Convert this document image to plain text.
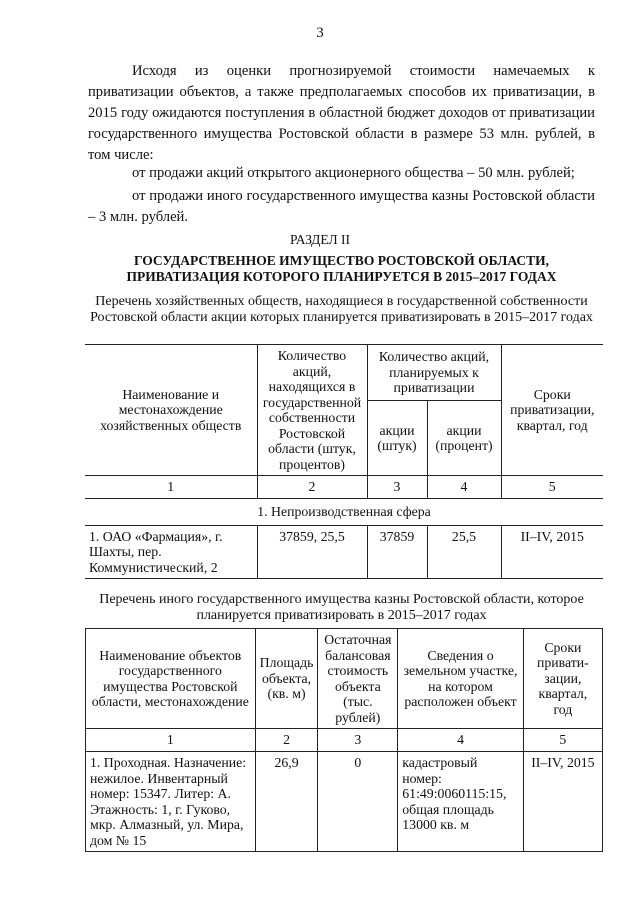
3

Исходя из оценки прогнозируемой стоимости намечаемых к приватизации объектов, а также предполагаемых способов их приватизации, в 2015 году ожидаются поступления в областной бюджет доходов от приватизации государственного имущества Ростовской области в размере 53 млн. рублей, в том числе:

от продажи акций открытого акционерного общества – 50 млн. рублей;

от продажи иного государственного имущества казны Ростовской области – 3 млн. рублей.

РАЗДЕЛ II

ГОСУДАРСТВЕННОЕ ИМУЩЕСТВО РОСТОВСКОЙ ОБЛАСТИ, ПРИВАТИЗАЦИЯ КОТОРОГО ПЛАНИРУЕТСЯ В 2015–2017 ГОДАХ

Перечень хозяйственных обществ, находящиеся в государственной собственности Ростовской области акции которых планируется приватизировать в 2015–2017 годах

Наименование и местонахождение хозяйственных обществ	Количество акций, находящихся в государственной собственности Ростовской области (штук, процентов)	Количество акций, планируемых к приватизации		Сроки приватизации, квартал, год
		акции (штук)	акции (процент)	
1	2	3	4	5
1. Непроизводственная сфера				
1. ОАО «Фармация», г. Шахты, пер. Коммунистический, 2	37859, 25,5	37859	25,5	II–IV, 2015

Перечень иного государственного имущества казны Ростовской области, которое планируется приватизировать в 2015–2017 годах

Наименование объектов государственного имущества Ростовской области, местонахождение	Площадь объекта, (кв. м)	Остаточная балансовая стоимость объекта (тыс. рублей)	Сведения о земельном участке, на котором расположен объект	Сроки привати-зации, квартал, год
1	2	3	4	5
1. Проходная. Назначение: нежилое. Инвентарный номер: 15347. Литер: А. Этажность: 1, г. Гуково, мкр. Алмазный, ул. Мира, дом № 15	26,9	0	кадастровый номер: 61:49:0060115:15, общая площадь 13000 кв. м	II–IV, 2015
